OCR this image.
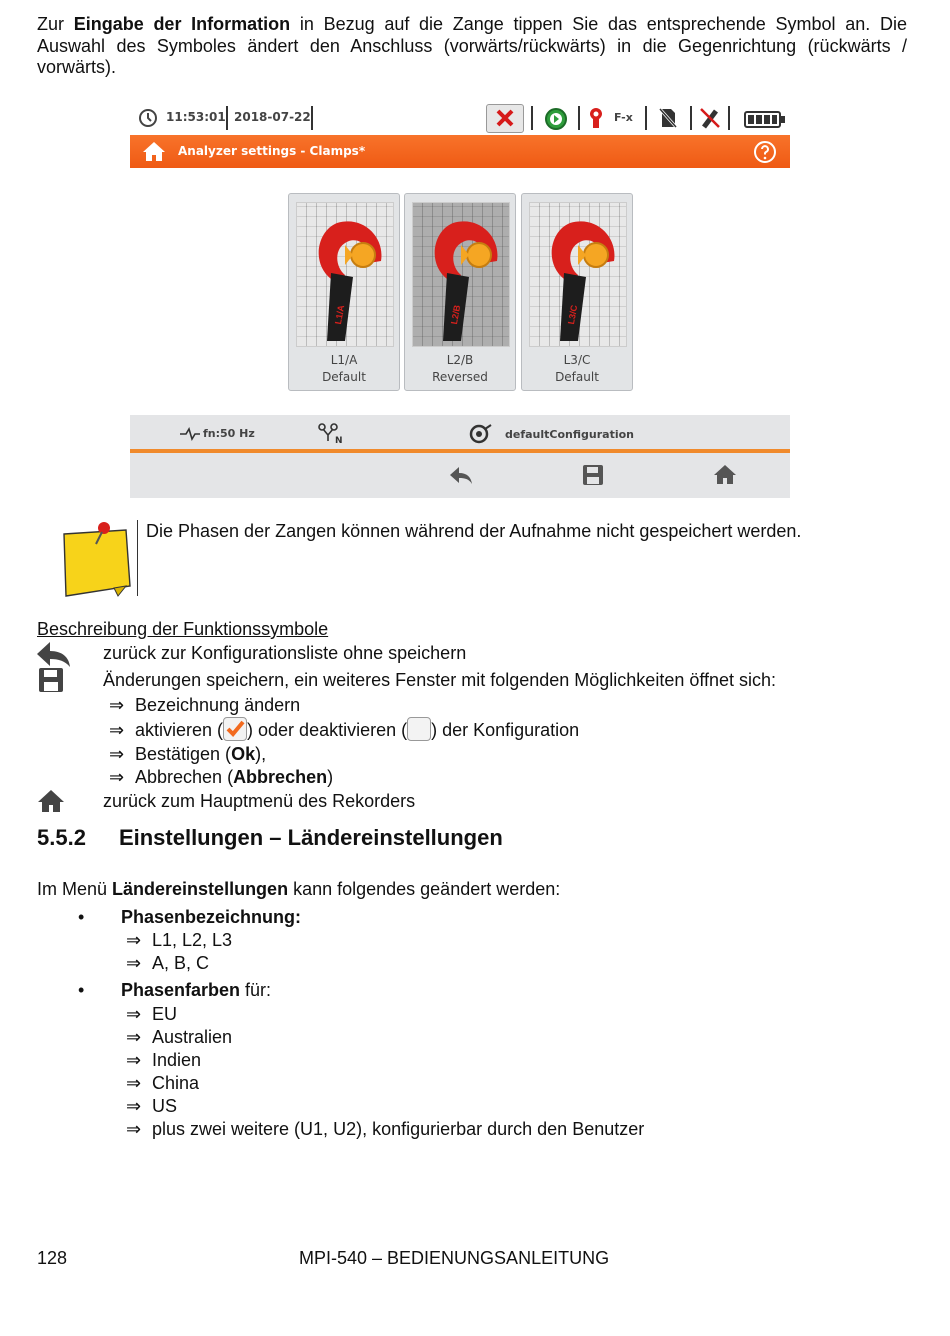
Zur Eingabe der Information in Bezug auf die Zange tippen Sie das entsprechende Symbol an. Die Auswahl des Symboles ändert den Anschluss (vorwärts/rückwärts) in die Gegenrichtung (rückwärts / vorwärts).
11:53:01 2018-07-22	F-x
Analyzer settings - Clamps*
L1/A
L1/A
Default
L2/B
L2/B
Reversed
L3/C
L3/C
Default
fn:50 Hz
N	defaultConfiguration
Die Phasen der Zangen können während der Aufnahme nicht gespeichert werden.
Beschreibung der Funktionssymbole
zurück zur Konfigurationsliste ohne speichern
Änderungen speichern, ein weiteres Fenster mit folgenden Möglichkeiten öffnet sich:
⇒ Bezeichnung ändern
⇒ aktivieren ( ) oder deaktivieren ( ) der Konfiguration
⇒ Bestätigen (Ok),
⇒ Abbrechen (Abbrechen)
zurück zum Hauptmenü des Rekorders
5.5.2 Einstellungen – Ländereinstellungen
Im Menü Ländereinstellungen kann folgendes geändert werden:
• Phasenbezeichnung:
⇒ L1, L2, L3
⇒ A, B, C
• Phasenfarben für:
⇒ EU
⇒ Australien
⇒ Indien
⇒ China
⇒ US
⇒ plus zwei weitere (U1, U2), konfigurierbar durch den Benutzer
128	MPI-540 – BEDIENUNGSANLEITUNG
